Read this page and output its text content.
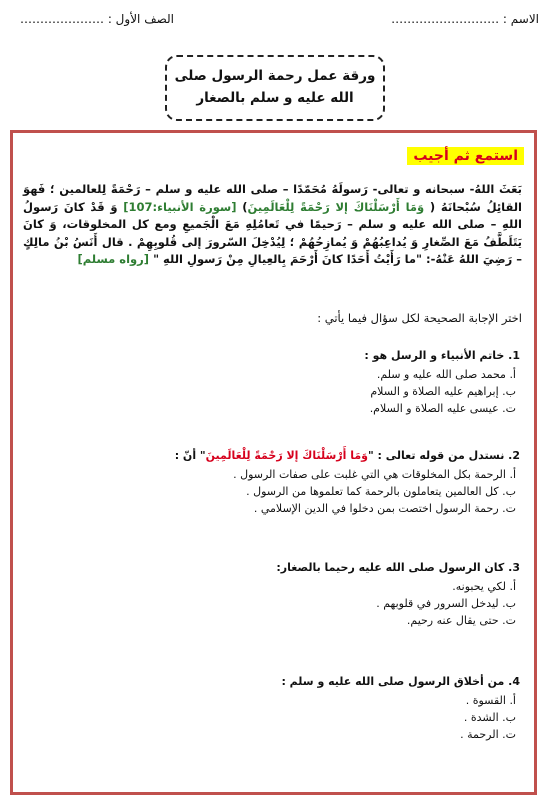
الاسم : ………………………
الصف الأول : …………………
ورقة عمل رحمة الرسول صلى
الله عليه و سلم بالصغار
استمع ثم أجيب
بَعَثَ اللهُ- سبحانه و تعالى- رَسولَهُ مُحَمّدًا – صلى الله عليه و سلم – رَحْمَةً لِلعالمين ؛ فَهوَ القائِلُ سُبْحانَهُ ( وَمَا أَرْسَلْنَاكَ إلا رَحْمَةً لِلْعَالَمِينَ) [سورة الأنبياء:107] وَ قَدْ كانَ رَسولُ اللهِ – صلى الله عليه و سلم – رَحيمًا في تَعامُلِهِ مَعَ الْجَميعِ ومع كل المخلوقات، وَ كانَ يَتَلَطَّفُ مَعَ الصِّغارِ وَ يُداعِبُهُمْ وَ يُمازِحُهُمْ ؛ لِيُدْخِلَ السّرورَ إلى قُلوبِهِمْ . قال أَنَسُ بْنُ مالِكٍ – رَضِيَ اللهُ عَنْهُ-: "ما رَأَيْتُ أَحَدًا كانَ أَرْحَمَ بِالعِيالِ مِنْ رَسولِ اللهِ " [رواه مسلم]
اختر الإجابة الصحيحة لكل سؤال فيما يأتي :
1. خاتم الأنبياء و الرسل هو :
أ. محمد صلى الله عليه و سلم.
ب. إبراهيم عليه الصلاة و السلام
ت. عيسى عليه الصلاة و السلام.
2. نستدل من قوله تعالى : "وَمَا أَرْسَلْنَاكَ إلا رَحْمَةً لِلْعَالَمِينَ" أنّ :
أ. الرحمة بكل المخلوقات هي التي غلبت على صفات الرسول .
ب. كل العالمين يتعاملون بالرحمة كما تعلموها من الرسول .
ت. رحمة الرسول اختصت بمن دخلوا في الدين الإسلامي .
3. كان الرسول صلى الله عليه رحيما بالصغار:
أ. لكي يحبونه.
ب. ليدخل السرور في قلوبهم .
ت. حتى يقال عنه رحيم.
4. من أخلاق الرسول صلى الله عليه و سلم :
أ. القسوة .
ب. الشدة .
ت. الرحمة .
